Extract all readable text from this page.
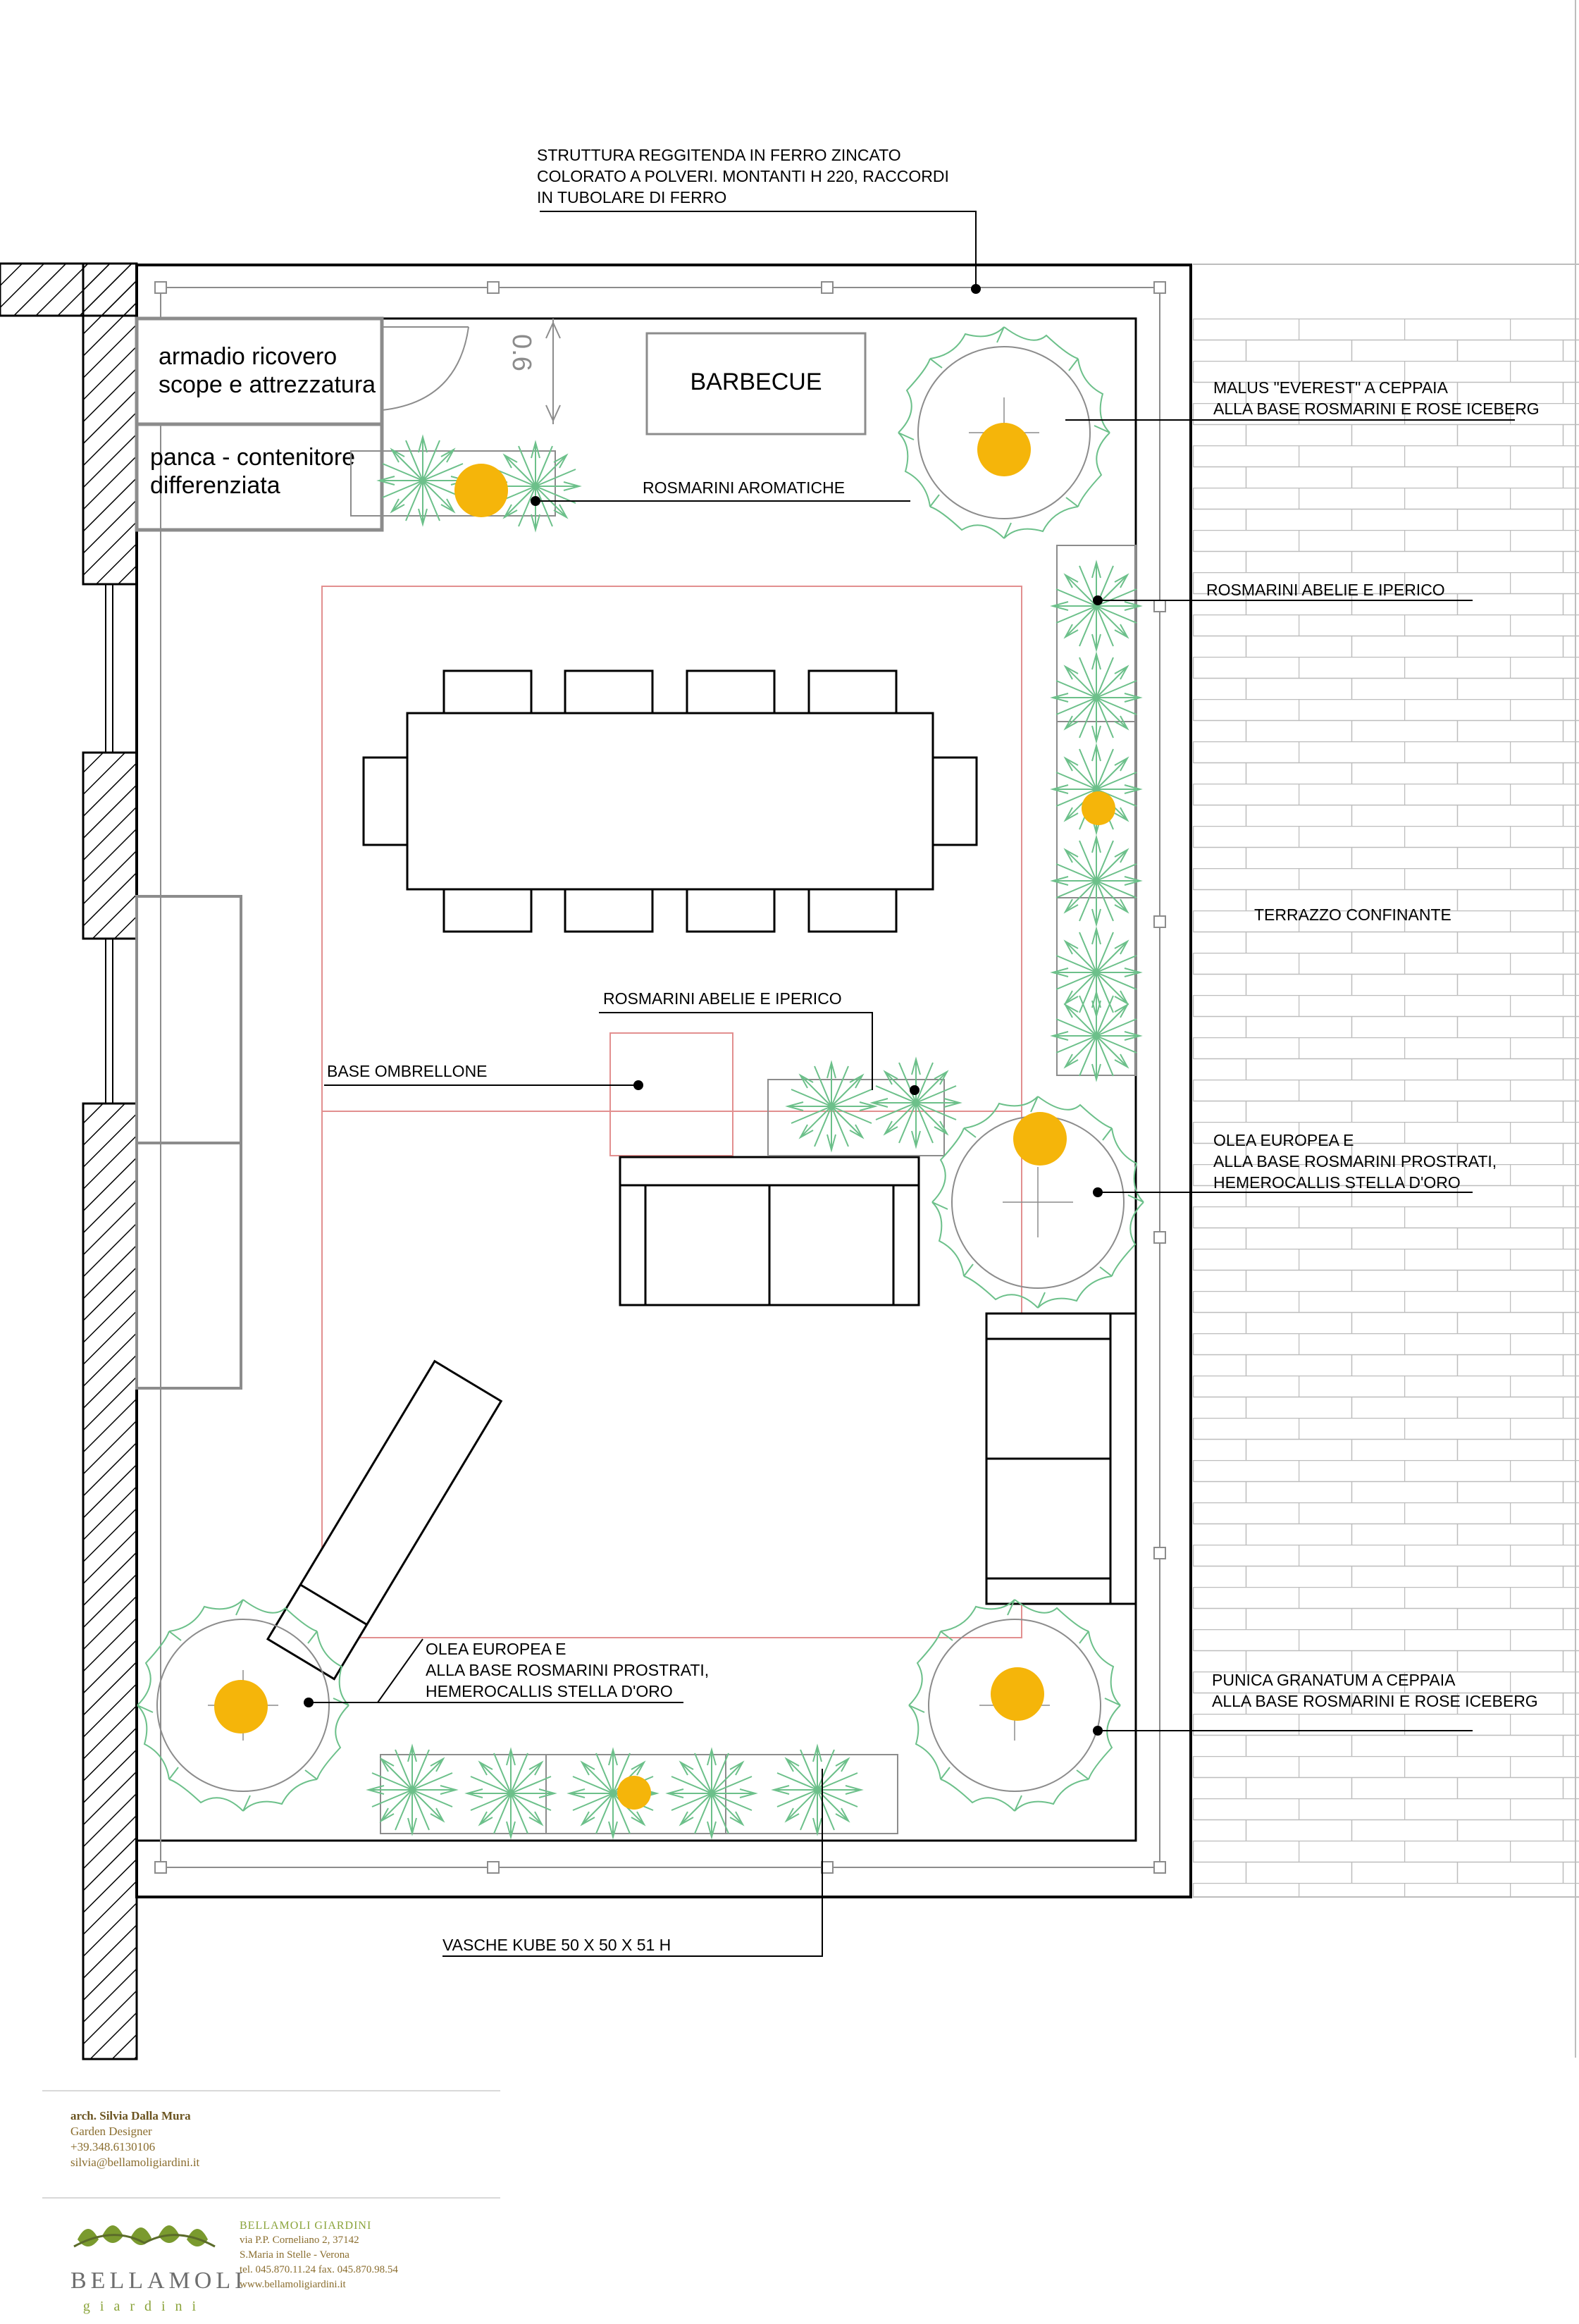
armadio ricovero
scope e attrezzatura
panca - contenitore
differenziata
0.6
BARBECUE
STRUTTURA REGGITENDA IN FERRO ZINCATO
COLORATO A POLVERI. MONTANTI H 220, RACCORDI
IN TUBOLARE DI FERRO
MALUS "EVEREST" A CEPPAIA
ALLA BASE ROSMARINI E ROSE ICEBERG
ROSMARINI AROMATICHE
ROSMARINI ABELIE E IPERICO
TERRAZZO CONFINANTE
ROSMARINI ABELIE E IPERICO
BASE OMBRELLONE
OLEA EUROPEA E
ALLA BASE ROSMARINI PROSTRATI,
HEMEROCALLIS STELLA D'ORO
OLEA EUROPEA E
ALLA BASE ROSMARINI PROSTRATI,
HEMEROCALLIS STELLA D'ORO
PUNICA GRANATUM A CEPPAIA
ALLA BASE ROSMARINI E ROSE ICEBERG
VASCHE KUBE 50 X 50 X 51 H
arch. Silvia Dalla Mura
Garden Designer
+39.348.6130106
silvia@bellamoligiardini.it
BELLAMOLI
giardini
BELLAMOLI GIARDINI
via P.P. Cornelianо 2, 37142
S.Maria in Stelle - Verona
tel. 045.870.11.24 fax. 045.870.98.54
www.bellamoligiardini.it
